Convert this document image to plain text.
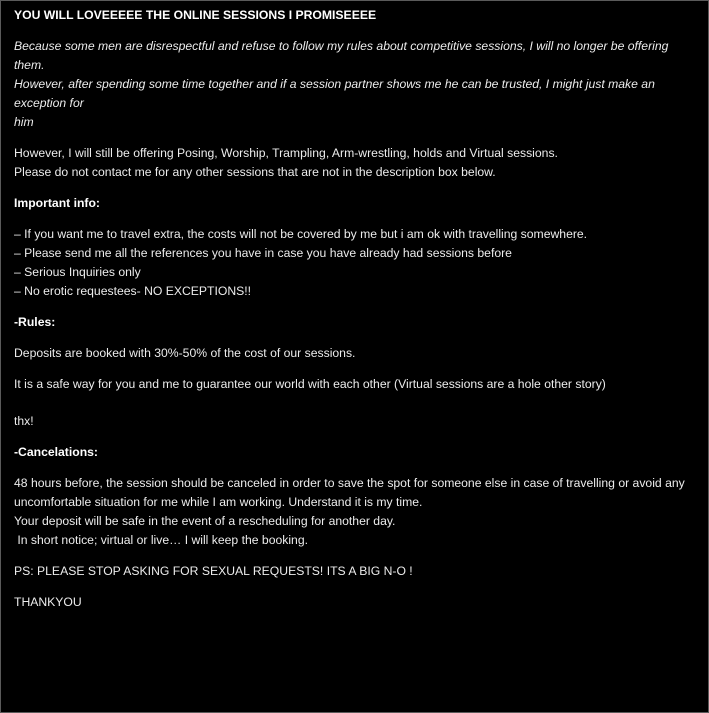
YOU WILL LOVEEEEE THE ONLINE SESSIONS I PROMISEEEE
Because some men are disrespectful and refuse to follow my rules about competitive sessions, I will no longer be offering them.
However, after spending some time together and if a session partner shows me he can be trusted, I might just make an exception for
him
However, I will still be offering Posing, Worship, Trampling, Arm-wrestling, holds and Virtual sessions.
Please do not contact me for any other sessions that are not in the description box below.
Important info:
– If you want me to travel extra, the costs will not be covered by me but i am ok with travelling somewhere.
– Please send me all the references you have in case you have already had sessions before
– Serious Inquiries only
– No erotic requestees- NO EXCEPTIONS!!
-Rules:
Deposits are booked with 30%-50% of the cost of our sessions.
It is a safe way for you and me to guarantee our world with each other (Virtual sessions are a hole other story)
thx!
-Cancelations:
48 hours before, the session should be canceled in order to save the spot for someone else in case of travelling or avoid any
uncomfortable situation for me while I am working. Understand it is my time.
Your deposit will be safe in the event of a rescheduling for another day.
In short notice; virtual or live… I will keep the booking.
PS: PLEASE STOP ASKING FOR SEXUAL REQUESTS! ITS A BIG N-O !
THANKYOU
